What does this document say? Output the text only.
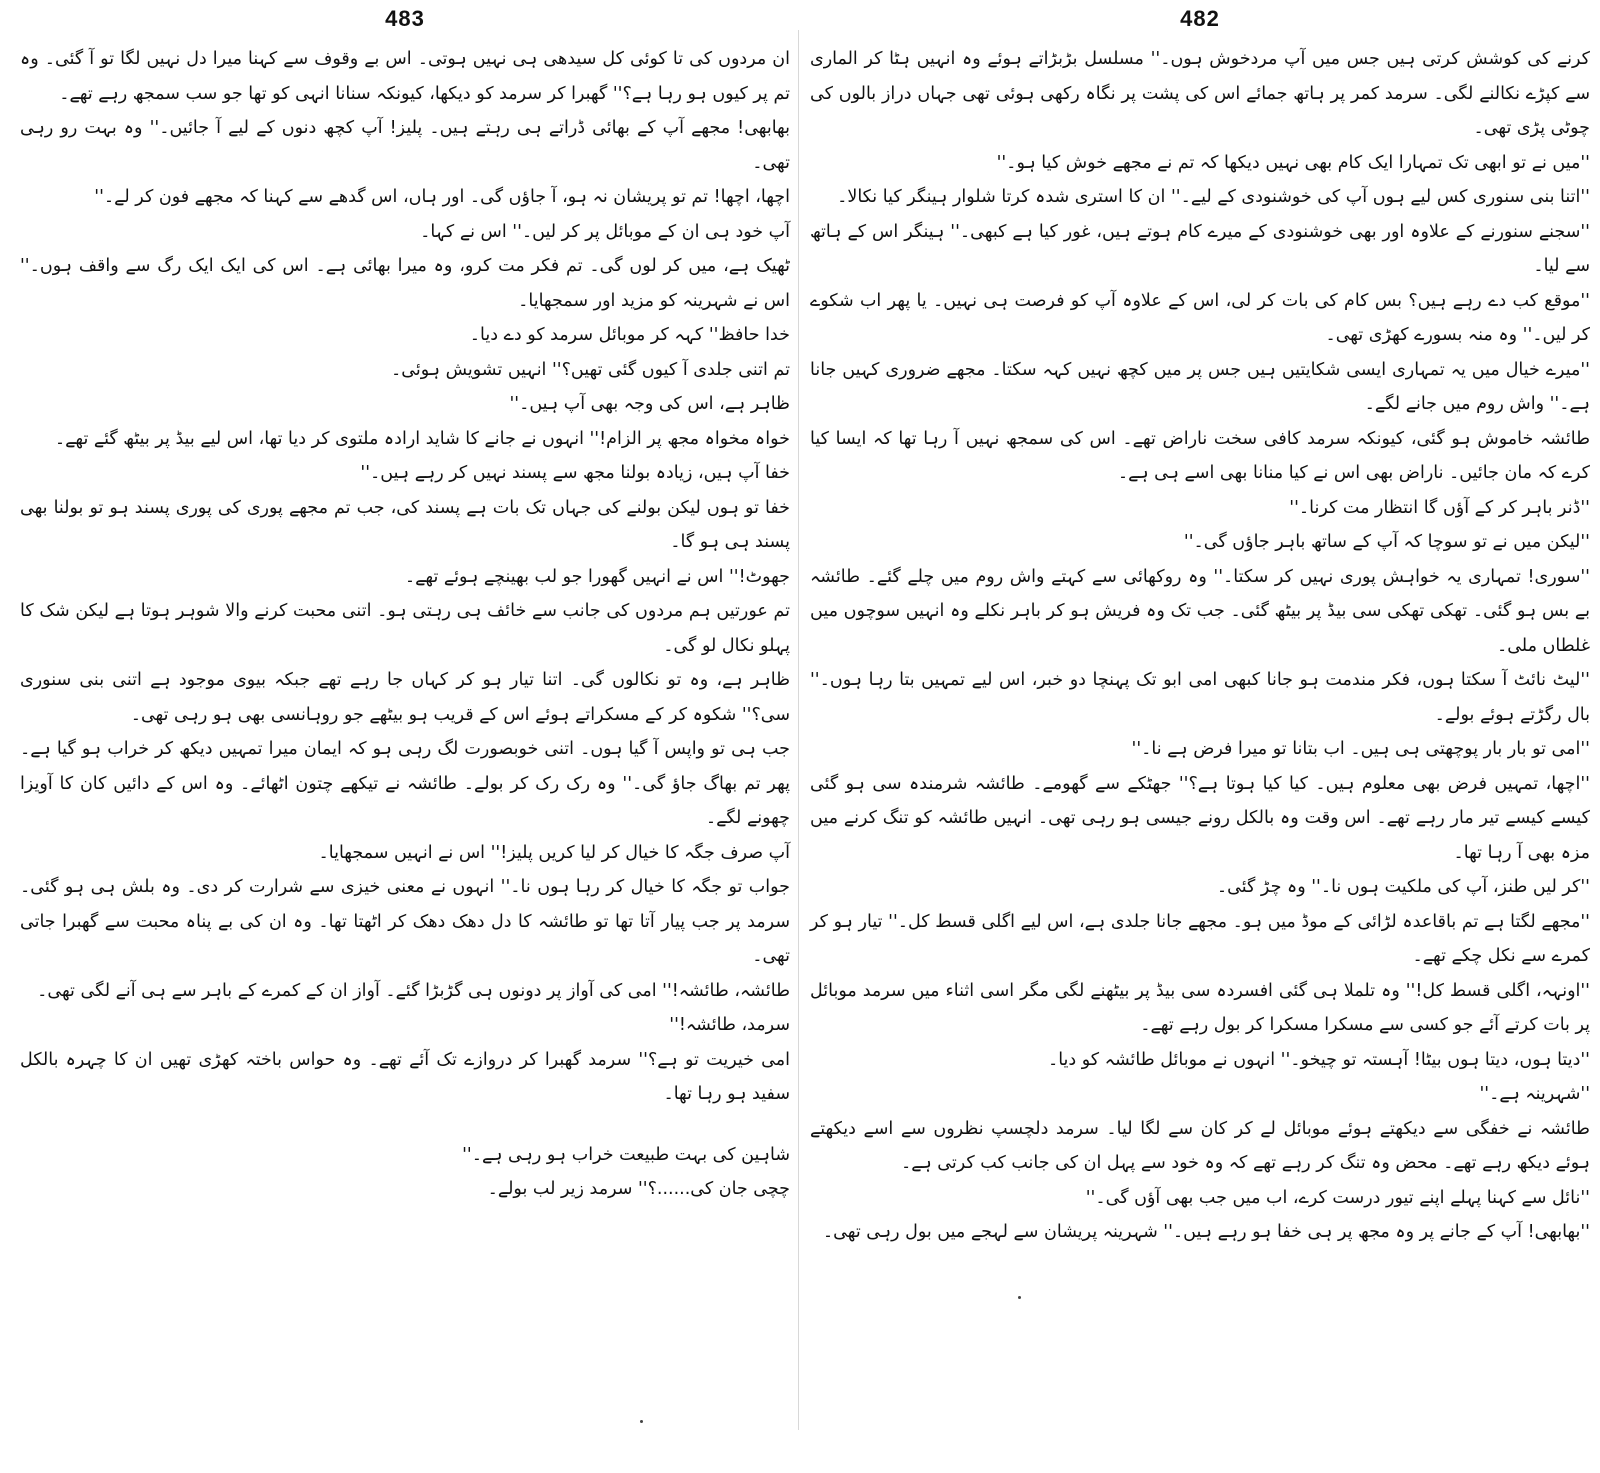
483

ان مردوں کی تا کوئی کل سیدھی ہی نہیں ہوتی۔ اس بے وقوف سے کہنا میرا دل نہیں لگا تو آ گئی۔ وہ تم پر کیوں ہو رہا ہے؟'' گھبرا کر سرمد کو دیکھا، کیونکہ سنانا انہی کو تھا جو سب سمجھ رہے تھے۔

بھابھی! مجھے آپ کے بھائی ڈراتے ہی رہتے ہیں۔ پلیز! آپ کچھ دنوں کے لیے آ جائیں۔'' وہ بہت رو رہی تھی۔

اچھا، اچھا! تم تو پریشان نہ ہو، آ جاؤں گی۔ اور ہاں، اس گدھے سے کہنا کہ مجھے فون کر لے۔''

آپ خود ہی ان کے موبائل پر کر لیں۔'' اس نے کہا۔

ٹھیک ہے، میں کر لوں گی۔ تم فکر مت کرو، وہ میرا بھائی ہے۔ اس کی ایک ایک رگ سے واقف ہوں۔'' اس نے شہرینہ کو مزید اور سمجھایا۔

خدا حافظ'' کہہ کر موبائل سرمد کو دے دیا۔

تم اتنی جلدی آ کیوں گئی تھیں؟'' انہیں تشویش ہوئی۔

ظاہر ہے، اس کی وجہ بھی آپ ہیں۔''

خواہ مخواہ مجھ پر الزام!'' انہوں نے جانے کا شاید ارادہ ملتوی کر دیا تھا، اس لیے بیڈ پر بیٹھ گئے تھے۔

خفا آپ ہیں، زیادہ بولنا مجھ سے پسند نہیں کر رہے ہیں۔''

خفا تو ہوں لیکن بولنے کی جہاں تک بات ہے پسند کی، جب تم مجھے پوری کی پوری پسند ہو تو بولنا بھی پسند ہی ہو گا۔

جھوٹ!'' اس نے انہیں گھورا جو لب بھینچے ہوئے تھے۔

تم عورتیں ہم مردوں کی جانب سے خائف ہی رہتی ہو۔ اتنی محبت کرنے والا شوہر ہوتا ہے لیکن شک کا پہلو نکال لو گی۔

ظاہر ہے، وہ تو نکالوں گی۔ اتنا تیار ہو کر کہاں جا رہے تھے جبکہ بیوی موجود ہے اتنی بنی سنوری سی؟'' شکوہ کر کے مسکراتے ہوئے اس کے قریب ہو بیٹھے جو روہانسی بھی ہو رہی تھی۔

جب ہی تو واپس آ گیا ہوں۔ اتنی خوبصورت لگ رہی ہو کہ ایمان میرا تمہیں دیکھ کر خراب ہو گیا ہے۔ پھر تم بھاگ جاؤ گی۔'' وہ رک رک کر بولے۔ طائشہ نے تیکھے چتون اٹھائے۔ وہ اس کے دائیں کان کا آویزا چھونے لگے۔

آپ صرف جگہ کا خیال کر لیا کریں پلیز!'' اس نے انہیں سمجھایا۔

جواب تو جگہ کا خیال کر رہا ہوں نا۔'' انہوں نے معنی خیزی سے شرارت کر دی۔ وہ بلش ہی ہو گئی۔ سرمد پر جب پیار آتا تھا تو طائشہ کا دل دھک دھک کر اٹھتا تھا۔ وہ ان کی بے پناہ محبت سے گھبرا جاتی تھی۔

طائشہ، طائشہ!'' امی کی آواز پر دونوں ہی گڑبڑا گئے۔ آواز ان کے کمرے کے باہر سے ہی آنے لگی تھی۔

سرمد، طائشہ!''

امی خیریت تو ہے؟'' سرمد گھبرا کر دروازے تک آئے تھے۔ وہ حواس باختہ کھڑی تھیں ان کا چہرہ بالکل سفید ہو رہا تھا۔

شاہین کی بہت طبیعت خراب ہو رہی ہے۔''

چچی جان کی......؟'' سرمد زیر لب بولے۔

482

کرنے کی کوشش کرتی ہیں جس میں آپ مردخوش ہوں۔'' مسلسل بڑبڑاتے ہوئے وہ انہیں ہٹا کر الماری سے کپڑے نکالنے لگی۔ سرمد کمر پر ہاتھ جمائے اس کی پشت پر نگاہ رکھی ہوئی تھی جہاں دراز بالوں کی چوٹی پڑی تھی۔

''میں نے تو ابھی تک تمہارا ایک کام بھی نہیں دیکھا کہ تم نے مجھے خوش کیا ہو۔''

''اتنا بنی سنوری کس لیے ہوں آپ کی خوشنودی کے لیے۔'' ان کا استری شدہ کرتا شلوار ہینگر کیا نکالا۔

''سجنے سنورنے کے علاوہ اور بھی خوشنودی کے میرے کام ہوتے ہیں، غور کیا ہے کبھی۔'' ہینگر اس کے ہاتھ سے لیا۔

''موقع کب دے رہے ہیں؟ بس کام کی بات کر لی، اس کے علاوہ آپ کو فرصت ہی نہیں۔ یا پھر اب شکوے کر لیں۔'' وہ منہ بسورے کھڑی تھی۔

''میرے خیال میں یہ تمہاری ایسی شکایتیں ہیں جس پر میں کچھ نہیں کہہ سکتا۔ مجھے ضروری کہیں جانا ہے۔'' واش روم میں جانے لگے۔

طائشہ خاموش ہو گئی، کیونکہ سرمد کافی سخت ناراض تھے۔ اس کی سمجھ نہیں آ رہا تھا کہ ایسا کیا کرے کہ مان جائیں۔ ناراض بھی اس نے کیا منانا بھی اسے ہی ہے۔

''ڈنر باہر کر کے آؤں گا انتظار مت کرنا۔''

''لیکن میں نے تو سوچا کہ آپ کے ساتھ باہر جاؤں گی۔''

''سوری! تمہاری یہ خواہش پوری نہیں کر سکتا۔'' وہ روکھائی سے کہتے واش روم میں چلے گئے۔ طائشہ بے بس ہو گئی۔ تھکی تھکی سی بیڈ پر بیٹھ گئی۔ جب تک وہ فریش ہو کر باہر نکلے وہ انہیں سوچوں میں غلطاں ملی۔

''لیٹ نائٹ آ سکتا ہوں، فکر مندمت ہو جانا کبھی امی ابو تک پہنچا دو خبر، اس لیے تمہیں بتا رہا ہوں۔'' بال رگڑتے ہوئے بولے۔

''امی تو بار بار پوچھتی ہی ہیں۔ اب بتانا تو میرا فرض ہے نا۔''

''اچھا، تمہیں فرض بھی معلوم ہیں۔ کیا کیا ہوتا ہے؟'' جھٹکے سے گھومے۔ طائشہ شرمندہ سی ہو گئی کیسے کیسے تیر مار رہے تھے۔ اس وقت وہ بالکل رونے جیسی ہو رہی تھی۔ انہیں طائشہ کو تنگ کرنے میں مزہ بھی آ رہا تھا۔

''کر لیں طنز، آپ کی ملکیت ہوں نا۔'' وہ چڑ گئی۔

''مجھے لگتا ہے تم باقاعدہ لڑائی کے موڈ میں ہو۔ مجھے جانا جلدی ہے، اس لیے اگلی قسط کل۔'' تیار ہو کر کمرے سے نکل چکے تھے۔

''اونہہ، اگلی قسط کل!'' وہ تلملا ہی گئی افسردہ سی بیڈ پر بیٹھنے لگی مگر اسی اثناء میں سرمد موبائل پر بات کرتے آئے جو کسی سے مسکرا مسکرا کر بول رہے تھے۔

''دیتا ہوں، دیتا ہوں بیٹا! آہستہ تو چیخو۔'' انہوں نے موبائل طائشہ کو دیا۔

''شہرینہ ہے۔''

طائشہ نے خفگی سے دیکھتے ہوئے موبائل لے کر کان سے لگا لیا۔ سرمد دلچسپ نظروں سے اسے دیکھتے ہوئے دیکھ رہے تھے۔ محض وہ تنگ کر رہے تھے کہ وہ خود سے پہل ان کی جانب کب کرتی ہے۔

''نائل سے کہنا پہلے اپنے تیور درست کرے، اب میں جب بھی آؤں گی۔''

''بھابھی! آپ کے جانے پر وہ مجھ پر ہی خفا ہو رہے ہیں۔'' شہرینہ پریشان سے لہجے میں بول رہی تھی۔
